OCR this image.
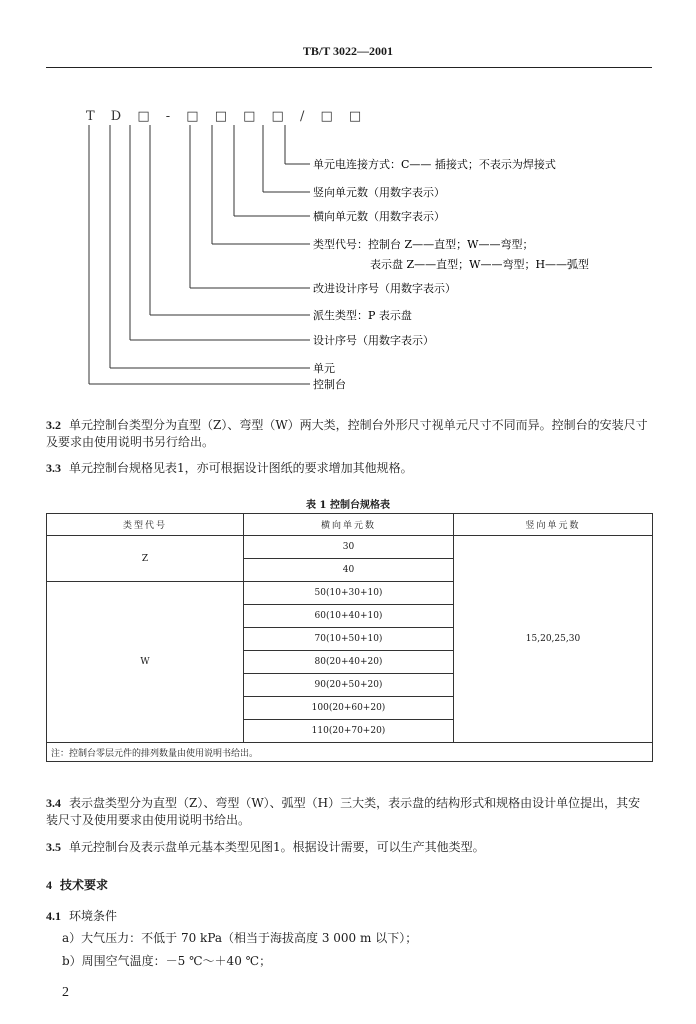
TB/T 3022—2001
T D □ - □ □ □ □ / □ □
单元电连接方式：C—— 插接式；不表示为焊接式
竖向单元数（用数字表示）
横向单元数（用数字表示）
类型代号：控制台 Z——直型；W——弯型；
表示盘 Z——直型；W——弯型；H——弧型
改进设计序号（用数字表示）
派生类型：P 表示盘
设计序号（用数字表示）
单元
控制台
3.2 单元控制台类型分为直型（Z）、弯型（W）两大类，控制台外形尺寸视单元尺寸不同而异。控制台的安装尺寸及要求由使用说明书另行给出。
3.3 单元控制台规格见表1，亦可根据设计图纸的要求增加其他规格。
表 1 控制台规格表
类型代号	横向单元数	竖向单元数
Z	30	15,20,25,30
	40	
W	50(10+30+10)	
	60(10+40+10)	
	70(10+50+10)	
	80(20+40+20)	
	90(20+50+20)	
	100(20+60+20)	
	110(20+70+20)	
注：控制台零层元件的排列数量由使用说明书给出。		
3.4 表示盘类型分为直型（Z）、弯型（W）、弧型（H）三大类，表示盘的结构形式和规格由设计单位提出，其安装尺寸及使用要求由使用说明书给出。
3.5 单元控制台及表示盘单元基本类型见图1。根据设计需要，可以生产其他类型。
4 技术要求
4.1 环境条件
a）大气压力：不低于 70 kPa（相当于海拔高度 3 000 m 以下）；
b）周围空气温度：－5 ℃～＋40 ℃；
2
